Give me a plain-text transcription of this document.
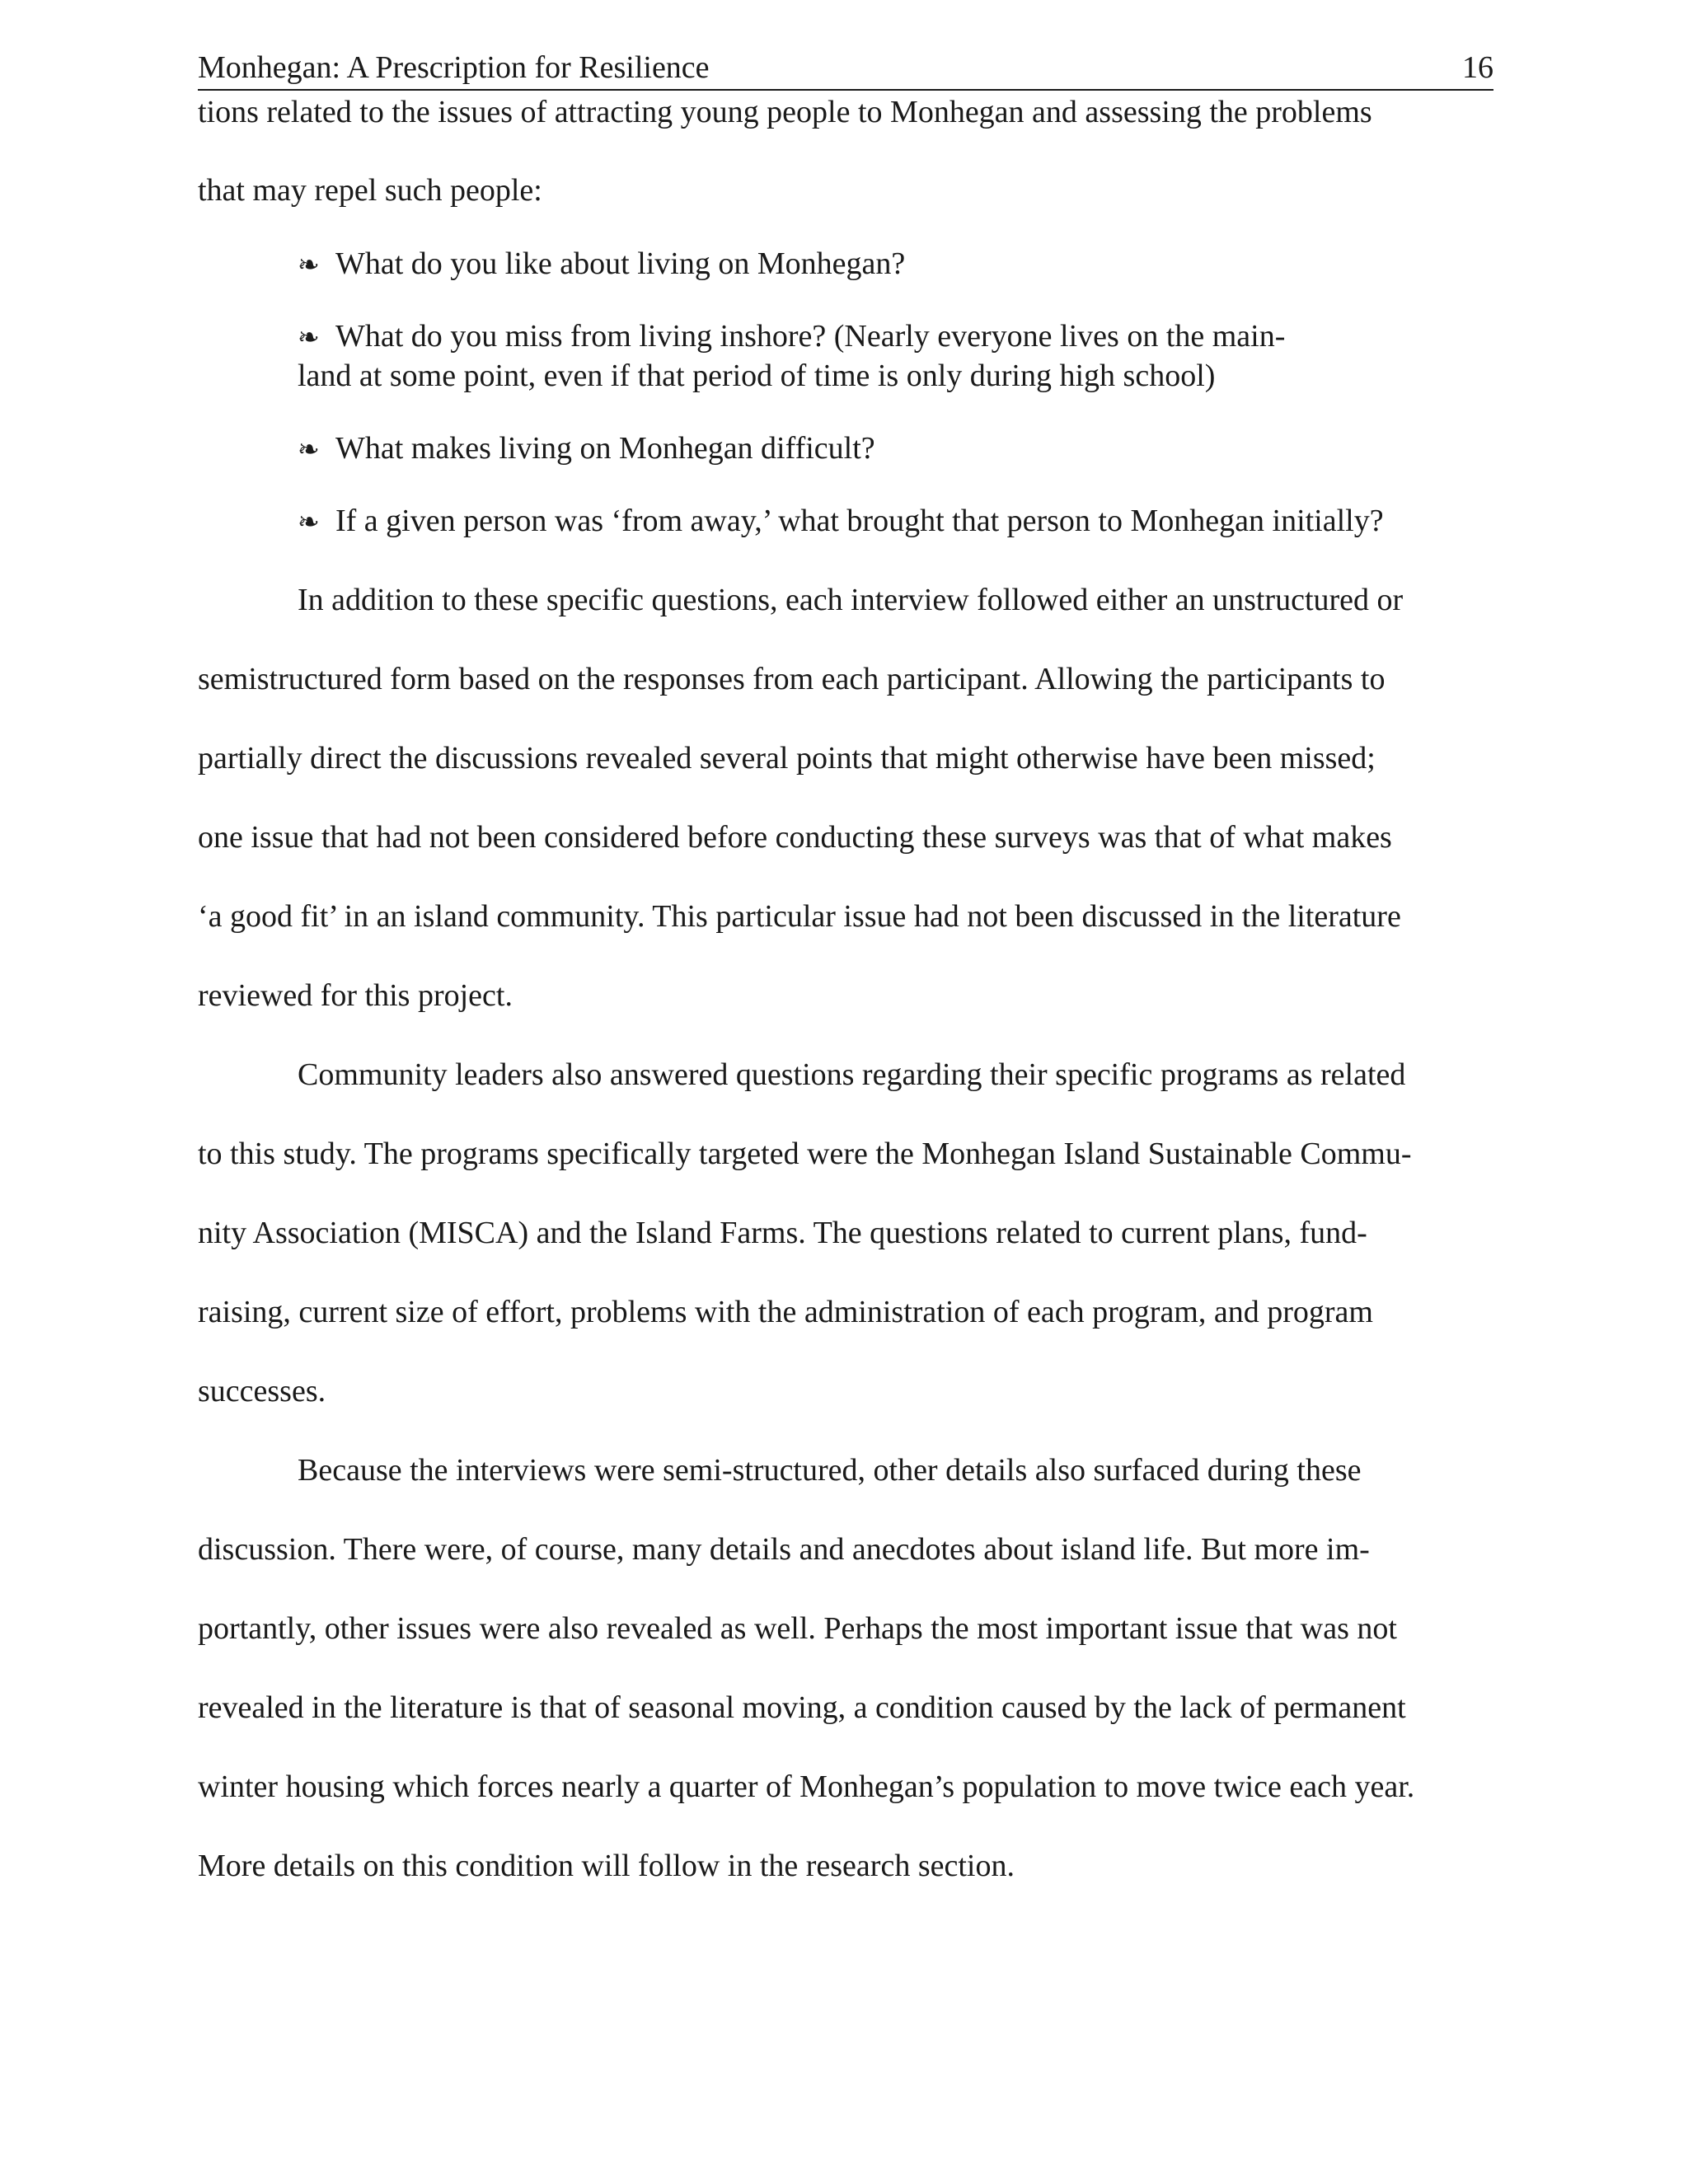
Monhegan: A Prescription for Resilience	16
tions related to the issues of attracting young people to Monhegan and assessing the problems
that may repel such people:
❧ What do you like about living on Monhegan?
❧ What do you miss from living inshore? (Nearly everyone lives on the main-
land at some point, even if that period of time is only during high school)
❧ What makes living on Monhegan difficult?
❧ If a given person was ‘from away,’ what brought that person to Monhegan initially?
In addition to these specific questions, each interview followed either an unstructured or
semistructured form based on the responses from each participant. Allowing the participants to
partially direct the discussions revealed several points that might otherwise have been missed;
one issue that had not been considered before conducting these surveys was that of what makes
‘a good fit’ in an island community. This particular issue had not been discussed in the literature
reviewed for this project.
Community leaders also answered questions regarding their specific programs as related
to this study. The programs specifically targeted were the Monhegan Island Sustainable Commu-
nity Association (MISCA) and the Island Farms. The questions related to current plans, fund-
raising, current size of effort, problems with the administration of each program, and program
successes.
Because the interviews were semi-structured, other details also surfaced during these
discussion. There were, of course, many details and anecdotes about island life. But more im-
portantly, other issues were also revealed as well. Perhaps the most important issue that was not
revealed in the literature is that of seasonal moving, a condition caused by the lack of permanent
winter housing which forces nearly a quarter of Monhegan’s population to move twice each year.
More details on this condition will follow in the research section.
